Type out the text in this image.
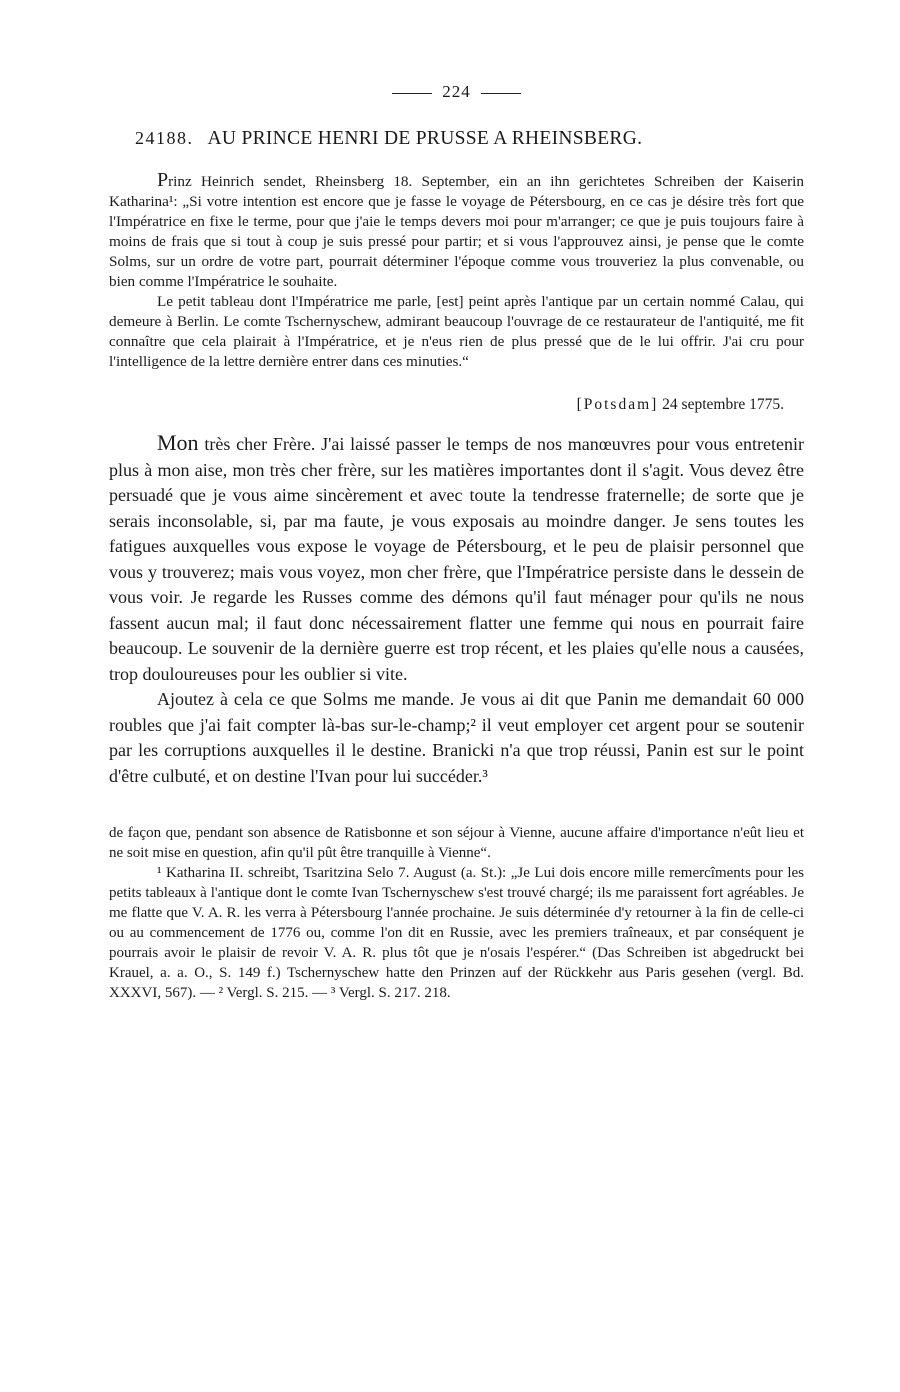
224
24188. AU PRINCE HENRI DE PRUSSE A RHEINSBERG.

Prinz Heinrich sendet, Rheinsberg 18. September, ein an ihn gerichtetes Schreiben der Kaiserin Katharina¹: „Si votre intention est encore que je fasse le voyage de Pétersbourg, en ce cas je désire très fort que l'Impératrice en fixe le terme, pour que j'aie le temps devers moi pour m'arranger; ce que je puis toujours faire à moins de frais que si tout à coup je suis pressé pour partir; et si vous l'approuvez ainsi, je pense que le comte Solms, sur un ordre de votre part, pourrait déterminer l'époque comme vous trouveriez la plus convenable, ou bien comme l'Impératrice le souhaite.

Le petit tableau dont l'Impératrice me parle, [est] peint après l'antique par un certain nommé Calau, qui demeure à Berlin. Le comte Tschernyschew, admirant beaucoup l'ouvrage de ce restaurateur de l'antiquité, me fit connaître que cela plairait à l'Impératrice, et je n'eus rien de plus pressé que de le lui offrir. J'ai cru pour l'intelligence de la lettre dernière entrer dans ces minuties.“

[Potsdam] 24 septembre 1775.

Mon très cher Frère. J'ai laissé passer le temps de nos manœuvres pour vous entretenir plus à mon aise, mon très cher frère, sur les matières importantes dont il s'agit. Vous devez être persuadé que je vous aime sincèrement et avec toute la tendresse fraternelle; de sorte que je serais inconsolable, si, par ma faute, je vous exposais au moindre danger. Je sens toutes les fatigues auxquelles vous expose le voyage de Pétersbourg, et le peu de plaisir personnel que vous y trouverez; mais vous voyez, mon cher frère, que l'Impératrice persiste dans le dessein de vous voir. Je regarde les Russes comme des démons qu'il faut ménager pour qu'ils ne nous fassent aucun mal; il faut donc nécessairement flatter une femme qui nous en pourrait faire beaucoup. Le souvenir de la dernière guerre est trop récent, et les plaies qu'elle nous a causées, trop douloureuses pour les oublier si vite.

Ajoutez à cela ce que Solms me mande. Je vous ai dit que Panin me demandait 60 000 roubles que j'ai fait compter là-bas sur-le-champ;² il veut employer cet argent pour se soutenir par les corruptions auxquelles il le destine. Branicki n'a que trop réussi, Panin est sur le point d'être culbuté, et on destine l'Ivan pour lui succéder.³

de façon que, pendant son absence de Ratisbonne et son séjour à Vienne, aucune affaire d'importance n'eût lieu et ne soit mise en question, afin qu'il pût être tranquille à Vienne“.

¹ Katharina II. schreibt, Tsaritzina Selo 7. August (a. St.): „Je Lui dois encore mille remercîments pour les petits tableaux à l'antique dont le comte Ivan Tschernyschew s'est trouvé chargé; ils me paraissent fort agréables. Je me flatte que V. A. R. les verra à Pétersbourg l'année prochaine. Je suis déterminée d'y retourner à la fin de celle-ci ou au commencement de 1776 ou, comme l'on dit en Russie, avec les premiers traîneaux, et par conséquent je pourrais avoir le plaisir de revoir V. A. R. plus tôt que je n'osais l'espérer.“ (Das Schreiben ist abgedruckt bei Krauel, a. a. O., S. 149 f.) Tschernyschew hatte den Prinzen auf der Rückkehr aus Paris gesehen (vergl. Bd. XXXVI, 567). — ² Vergl. S. 215. — ³ Vergl. S. 217. 218.
